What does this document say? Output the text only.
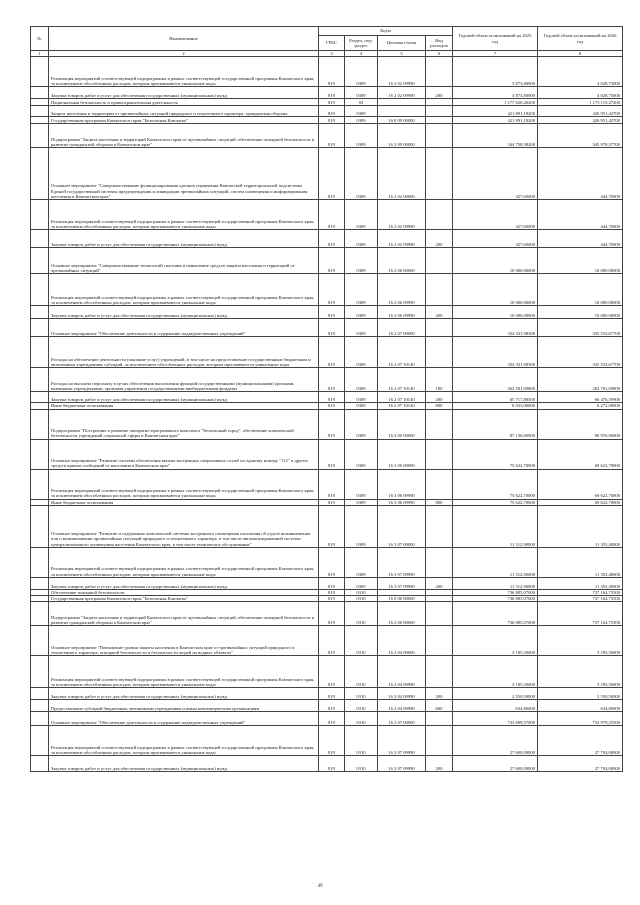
№	Наименование	Коды				Годовой объем ассигнований на 2025 год	Годовой объем ассигнований на 2026 год
		ГРБС	Раздел, под-раздел	Целевая статья	Вид расходов		
1	2	3	4	5	6	7	8
	Реализация мероприятий соответствующей подпрограммы в рамках соответствующей государственной программы Камчатского края, за исключением обособленных расходов, которым присваиваются уникальные коды	819	0309	16 2 02 09990		3 873,80000	4 028,75000
	Закупка товаров, работ и услуг для обеспечения государственных (муниципальных) нужд	819	0309	16 2 02 09990	200	3 873,80000	4 028,75000
	Национальная безопасность и правоохранительная деятельность	819	03			1 177 620,26200	1 175 119,27200
	Защита населения и территории от чрезвычайных ситуаций природного и техногенного характера, гражданская оборона	819	0309			421 891,18200	426 951,42700
	Государственная программа Камчатского края "Безопасная Камчатка"	819	0309	16 0 00 00000		421 891,18200	426 951,42700
	Подпрограмма "Защита населения и территорий Камчатского края от чрезвычайных ситуаций, обеспечение пожарной безопасности и развитие гражданской обороны в Камчатском крае"	819	0309	16 2 00 00000		344 758,38200	345 978,37700
	Основное мероприятие "Совершенствование функционирования органов управления Камчатской территориальной подсистемы Единой государственной системы предупреждения и ликвидации чрезвычайных ситуаций, систем оповещения и информирования населения в Камчатском крае"	819	0309	16 2 02 00000		427,60000	444,70000
	Реализация мероприятий соответствующей подпрограммы в рамках соответствующей государственной программы Камчатского края, за исключением обособленных расходов, которым присваиваются уникальные коды	819	0309	16 2 02 09990		427,60000	444,70000
	Закупка товаров, работ и услуг для обеспечения государственных (муниципальных) нужд	819	0309	16 2 02 09990	200	427,60000	444,70000
	Основное мероприятие "Совершенствование технологий спасения и повышение средств защиты населения и территорий от чрезвычайных ситуаций"	819	0309	16 2 06 00000		10 000,00000	10 000,00000
	Реализация мероприятий соответствующей подпрограммы в рамках соответствующей государственной программы Камчатского края, за исключением обособленных расходов, которым присваиваются уникальные коды	819	0309	16 2 06 09990		10 000,00000	10 000,00000
	Закупка товаров, работ и услуг для обеспечения государственных (муниципальных) нужд	819	0309	16 2 06 09990	200	10 000,00000	10 000,00000
	Основное мероприятие "Обеспечение деятельности и содержание подведомственных учреждений"	819	0309	16 2 07 00000		334 331,98300	335 533,67700
	Расходы на обеспечение деятельности (оказание услуг) учреждений, в том числе на предоставление государственным бюджетным и автономным учреждениям субсидий, за исключением обособленных расходов, которым присваиваются уникальные коды	819	0309	16 2 07 10140		334 331,98300	335 533,67700
	Расходы на выплаты персоналу в целях обеспечения выполнения функций государственными (муниципальными) органами, казенными учреждениями, органами управления государственными внебюджетными фондами	819	0309	16 2 07 10140	100	262 581,09800	262 781,09800
	Закупка товаров, работ и услуг для обеспечения государственных (муниципальных) нужд	819	0309	16 2 07 10140	200	65 717,88500	66 476,59900
	Иные бюджетные ассигнования	819	0309	16 2 07 10140	800	6 033,00000	6 272,00000
	Подпрограмма "Построение и развитие аппаратно-программного комплекса "Безопасный город", обеспечение комплексной безопасности учреждений социальной сферы в Камчатском крае"	819	0309	16 3 00 00000		87 136,60000	80 976,80000
	Основное мероприятие "Развитие системы обеспечения вызова экстренных оперативных служб по единому номеру "112" и других средств приема сообщений от населения в Камчатском крае"	819	0309	16 3 06 00000		75 622,70000	69 622,70000
	Реализация мероприятий соответствующей подпрограммы в рамках соответствующей государственной программы Камчатского края, за исключением обособленных расходов, которым присваиваются уникальные коды	819	0309	16 3 06 09990		75 622,70000	69 622,70000
	Иные бюджетные ассигнования	819	0309	16 3 06 09990	800	75 622,70000	69 622,70000
	Основное мероприятие "Развитие и содержание комплексной системы экстренного оповещения населения об угрозе возникновения или о возникновении чрезвычайных ситуаций природного и техногенного характера, в том числе автоматизированной системы централизованного оповещения населения Камчатского края, в том числе техническое обслуживание"	819	0309	16 3 07 00000		11 512,90000	11 353,40000
	Реализация мероприятий соответствующей подпрограммы в рамках соответствующей государственной программы Камчатского края, за исключением обособленных расходов, которым присваиваются уникальные коды	819	0309	16 3 07 09990		11 512,90000	11 353,40000
	Закупка товаров, работ и услуг для обеспечения государственных (муниципальных) нужд	819	0309	16 3 07 09990	200	11 512,90000	11 353,40000
	Обеспечение пожарной безопасности	819	0310			736 885,07000	737 164,75500
	Государственная программа Камчатского края "Безопасная Камчатка"	819	0310	16 0 00 00000		736 885,07000	737 164,75500
	Подпрограмма "Защита населения и территорий Камчатского края от чрезвычайных ситуаций, обеспечение пожарной безопасности и развитие гражданской обороны в Камчатском крае"	819	0310	16 2 00 00000		736 885,07000	737 164,75500
	Основное мероприятие "Повышение уровня защиты населения в Камчатском крае от чрезвычайных ситуаций природного и техногенного характера, пожарной безопасности и безопасности людей на водных объектах"	819	0310	16 2 04 00000		3 185,50000	3 185,50000
	Реализация мероприятий соответствующей подпрограммы в рамках соответствующей государственной программы Камчатского края, за исключением обособленных расходов, которым присваиваются уникальные коды	819	0310	16 2 04 09990		3 185,50000	3 185,50000
	Закупка товаров, работ и услуг для обеспечения государственных (муниципальных) нужд	819	0310	16 2 04 09990	200	2 550,50000	2 550,50000
	Предоставление субсидий бюджетным, автономным учреждениям и иным некоммерческим организациям	819	0310	16 2 04 09990	600	634,80000	634,80000
	Основное мероприятие "Обеспечение деятельности и содержание подведомственных учреждений"	819	0310	16 2 07 00000		733 699,57000	733 979,25500
	Реализация мероприятий соответствующей подпрограммы в рамках соответствующей государственной программы Камчатского края, за исключением обособленных расходов, которым присваиваются уникальные коды	819	0310	16 2 07 09990		27 600,00000	27 704,00000
	Закупка товаров, работ и услуг для обеспечения государственных (муниципальных) нужд	819	0310	16 2 07 09990	200	27 600,00000	27 704,00000
49
